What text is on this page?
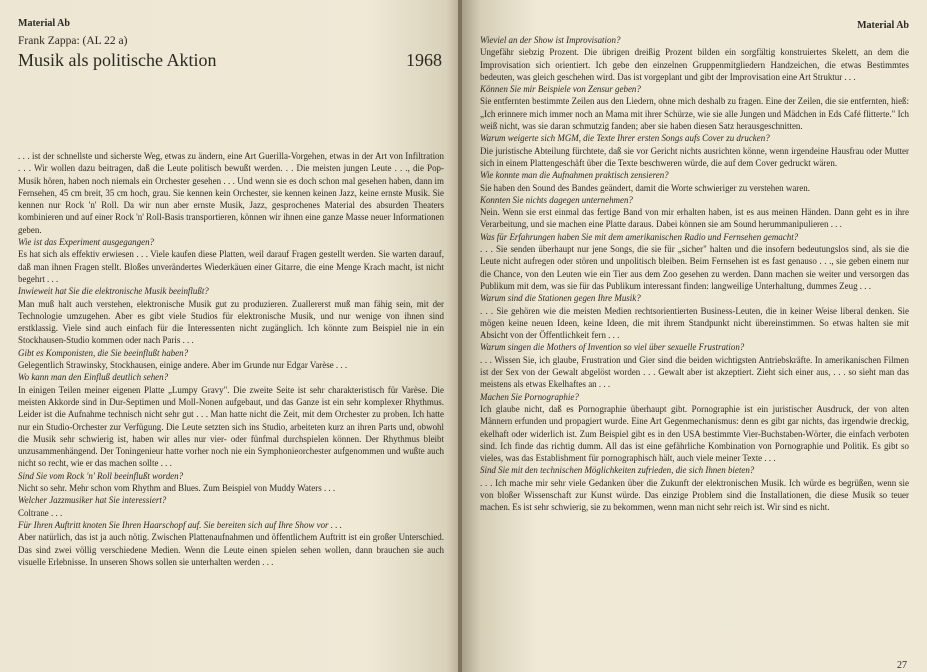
Material Ab

Frank Zappa: (AL 22 a)

Musik als politische Aktion	1968

. . . ist der schnellste und sicherste Weg, etwas zu ändern, eine Art Guerilla-Vorgehen, etwas in der Art von Infiltration . . . Wir wollen dazu beitragen, daß die Leute politisch bewußt werden. . . Die meisten jungen Leute . . ., die Pop-Musik hören, haben noch niemals ein Orchester gesehen . . . Und wenn sie es doch schon mal gesehen haben, dann im Fernsehen, 45 cm breit, 35 cm hoch, grau. Sie kennen kein Orchester, sie kennen keinen Jazz, keine ernste Musik. Sie kennen nur Rock 'n' Roll. Da wir nun aber ernste Musik, Jazz, gesprochenes Material des absurden Theaters kombinieren und auf einer Rock 'n' Roll-Basis transportieren, können wir ihnen eine ganze Masse neuer Informationen geben.

Wie ist das Experiment ausgegangen?

Es hat sich als effektiv erwiesen . . . Viele kaufen diese Platten, weil darauf Fragen gestellt werden. Sie warten darauf, daß man ihnen Fragen stellt. Bloßes unverändertes Wiederkäuen einer Gitarre, die eine Menge Krach macht, ist nicht begehrt . . .

Inwieweit hat Sie die elektronische Musik beeinflußt?

Man muß halt auch verstehen, elektronische Musik gut zu produzieren. Zuallererst muß man fähig sein, mit der Technologie umzugehen. Aber es gibt viele Studios für elektronische Musik, und nur wenige von ihnen sind erstklassig. Viele sind auch einfach für die Interessenten nicht zugänglich. Ich könnte zum Beispiel nie in ein Stockhausen-Studio kommen oder nach Paris . . .

Gibt es Komponisten, die Sie beeinflußt haben?

Gelegentlich Strawinsky, Stockhausen, einige andere. Aber im Grunde nur Edgar Varèse . . .

Wo kann man den Einfluß deutlich sehen?

In einigen Teilen meiner eigenen Platte „Lumpy Gravy". Die zweite Seite ist sehr charakteristisch für Varèse. Die meisten Akkorde sind in Dur-Septimen und Moll-Nonen aufgebaut, und das Ganze ist ein sehr komplexer Rhythmus. Leider ist die Aufnahme technisch nicht sehr gut . . . Man hatte nicht die Zeit, mit dem Orchester zu proben. Ich hatte nur ein Studio-Orchester zur Verfügung. Die Leute setzten sich ins Studio, arbeiteten kurz an ihren Parts und, obwohl die Musik sehr schwierig ist, haben wir alles nur vier- oder fünfmal durchspielen können. Der Rhythmus bleibt unzusammenhängend. Der Toningenieur hatte vorher noch nie ein Symphonieorchester aufgenommen und wußte auch nicht so recht, wie er das machen sollte . . .

Sind Sie vom Rock 'n' Roll beeinflußt worden?

Nicht so sehr. Mehr schon vom Rhythm and Blues. Zum Beispiel von Muddy Waters . . .

Welcher Jazzmusiker hat Sie interessiert?

Coltrane . . .

Für Ihren Auftritt knoten Sie Ihren Haarschopf auf. Sie bereiten sich auf Ihre Show vor . . .

Aber natürlich, das ist ja auch nötig. Zwischen Plattenaufnahmen und öffentlichem Auftritt ist ein großer Unterschied. Das sind zwei völlig verschiedene Medien. Wenn die Leute einen spielen sehen wollen, dann brauchen sie auch visuelle Erlebnisse. In unseren Shows sollen sie unterhalten werden . . .

Material Ab

Wieviel an der Show ist Improvisation?

Ungefähr siebzig Prozent. Die übrigen dreißig Prozent bilden ein sorgfältig konstruiertes Skelett, an dem die Improvisation sich orientiert. Ich gebe den einzelnen Gruppenmitgliedern Handzeichen, die etwas Bestimmtes bedeuten, was gleich geschehen wird. Das ist vorgeplant und gibt der Improvisation eine Art Struktur . . .

Können Sie mir Beispiele von Zensur geben?

Sie entfernten bestimmte Zeilen aus den Liedern, ohne mich deshalb zu fragen. Eine der Zeilen, die sie entfernten, hieß: „Ich erinnere mich immer noch an Mama mit ihrer Schürze, wie sie alle Jungen und Mädchen in Eds Café flitterte." Ich weiß nicht, was sie daran schmutzig fanden; aber sie haben diesen Satz herausgeschnitten.

Warum weigerte sich MGM, die Texte Ihrer ersten Songs aufs Cover zu drucken?

Die juristische Abteilung fürchtete, daß sie vor Gericht nichts ausrichten könne, wenn irgendeine Hausfrau oder Mutter sich in einem Plattengeschäft über die Texte beschweren würde, die auf dem Cover gedruckt wären.

Wie konnte man die Aufnahmen praktisch zensieren?

Sie haben den Sound des Bandes geändert, damit die Worte schwieriger zu verstehen waren.

Konnten Sie nichts dagegen unternehmen?

Nein. Wenn sie erst einmal das fertige Band von mir erhalten haben, ist es aus meinen Händen. Dann geht es in ihre Verarbeitung, und sie machen eine Platte daraus. Dabei können sie am Sound herummanipulieren . . .

Was für Erfahrungen haben Sie mit dem amerikanischen Radio und Fernsehen gemacht?

. . . Sie senden überhaupt nur jene Songs, die sie für „sicher" halten und die insofern bedeutungslos sind, als sie die Leute nicht aufregen oder stören und unpolitisch bleiben. Beim Fernsehen ist es fast genauso . . ., sie geben einem nur die Chance, von den Leuten wie ein Tier aus dem Zoo gesehen zu werden. Dann machen sie weiter und versorgen das Publikum mit dem, was sie für das Publikum interessant finden: langweilige Unterhaltung, dummes Zeug . . .

Warum sind die Stationen gegen Ihre Musik?

. . . Sie gehören wie die meisten Medien rechtsorientierten Business-Leuten, die in keiner Weise liberal denken. Sie mögen keine neuen Ideen, keine Ideen, die mit ihrem Standpunkt nicht übereinstimmen. So etwas halten sie mit Absicht von der Öffentlichkeit fern . . .

Warum singen die Mothers of Invention so viel über sexuelle Frustration?

. . . Wissen Sie, ich glaube, Frustration und Gier sind die beiden wichtigsten Antriebskräfte. In amerikanischen Filmen ist der Sex von der Gewalt abgelöst worden . . . Gewalt aber ist akzeptiert. Zieht sich einer aus, . . . so sieht man das meistens als etwas Ekelhaftes an . . .

Machen Sie Pornographie?

Ich glaube nicht, daß es Pornographie überhaupt gibt. Pornographie ist ein juristischer Ausdruck, der von alten Männern erfunden und propagiert wurde. Eine Art Gegenmechanismus: denn es gibt gar nichts, das irgendwie dreckig, ekelhaft oder widerlich ist. Zum Beispiel gibt es in den USA bestimmte Vier-Buchstaben-Wörter, die einfach verboten sind. Ich finde das richtig dumm. All das ist eine gefährliche Kombination von Pornographie und Politik. Es gibt so vieles, was das Establishment für pornographisch hält, auch viele meiner Texte . . .

Sind Sie mit den technischen Möglichkeiten zufrieden, die sich Ihnen bieten?

. . . Ich mache mir sehr viele Gedanken über die Zukunft der elektronischen Musik. Ich würde es begrüßen, wenn sie von bloßer Wissenschaft zur Kunst würde. Das einzige Problem sind die Installationen, die diese Musik so teuer machen. Es ist sehr schwierig, sie zu bekommen, wenn man nicht sehr reich ist. Wir sind es nicht.

27
